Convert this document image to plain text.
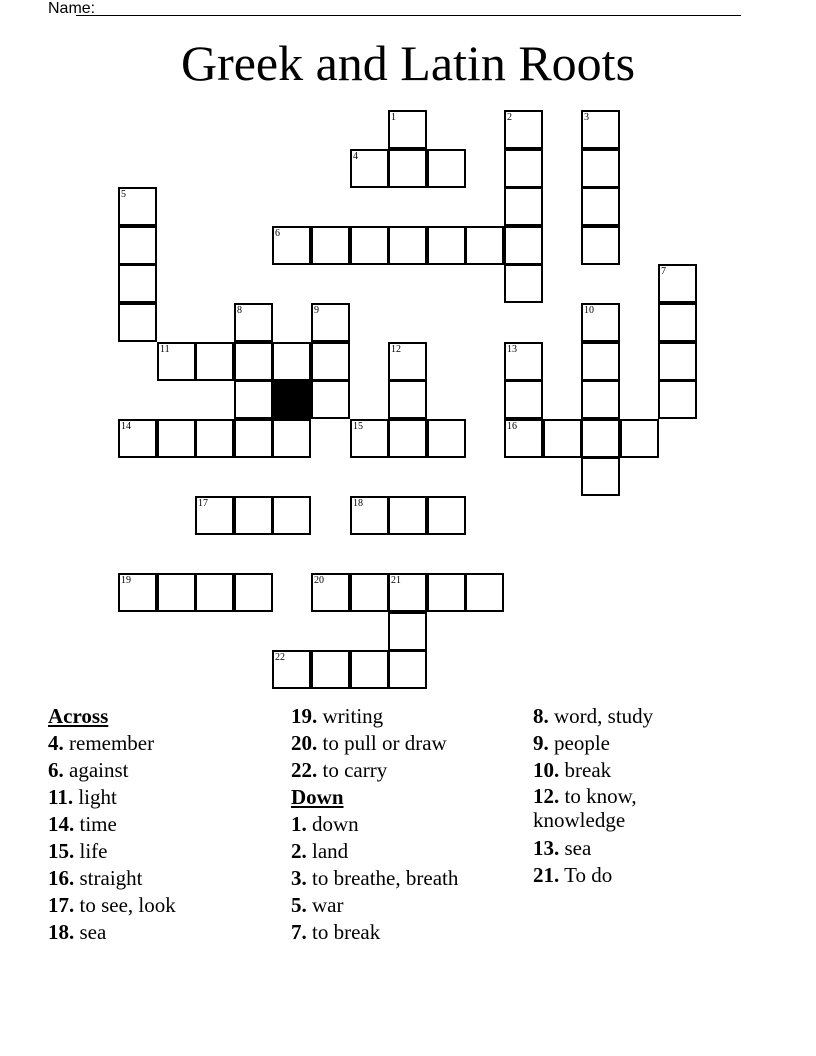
Name:
Greek and Latin Roots
1	2	3
4
5
6
7
8	9	10
11	12	13
14	15	16
17	18
19	20	21
22
Across
4. remember
6. against
11. light
14. time
15. life
16. straight
17. to see, look
18. sea
19. writing
20. to pull or draw
22. to carry
Down
1. down
2. land
3. to breathe, breath
5. war
7. to break
8. word, study
9. people
10. break
12. to know, knowledge
13. sea
21. To do
